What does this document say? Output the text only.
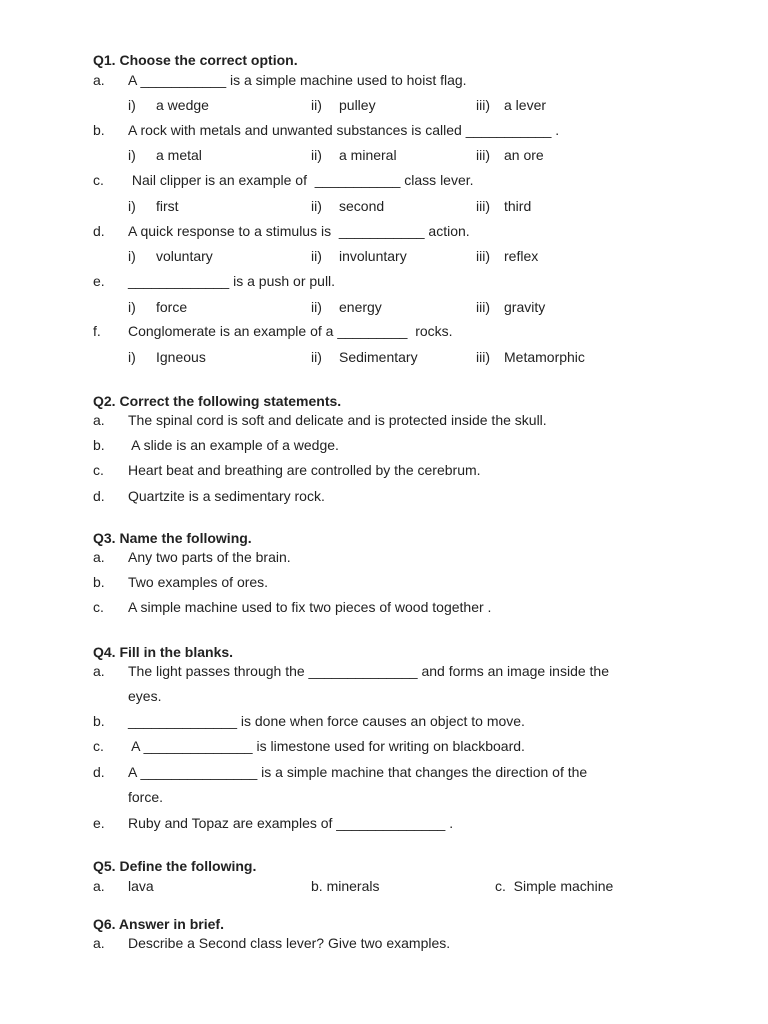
Q1. Choose the correct option.
a. A ___________ is a simple machine used to hoist flag.
i) a wedge	ii) pulley	iii) a lever
b. A rock with metals and unwanted substances is called ___________ .
i) a metal	ii) a mineral	iii) an ore
c. Nail clipper is an example of  ___________ class lever.
i) first	ii) second	iii) third
d. A quick response to a stimulus is  ___________ action.
i) voluntary	ii) involuntary	iii) reflex
e. _____________ is a push or pull.
i) force	ii) energy	iii) gravity
f. Conglomerate is an example of a _________  rocks.
i) Igneous	ii) Sedimentary	iii) Metamorphic
Q2. Correct the following statements.
a. The spinal cord is soft and delicate and is protected inside the skull.
b. A slide is an example of a wedge.
c. Heart beat and breathing are controlled by the cerebrum.
d. Quartzite is a sedimentary rock.
Q3. Name the following.
a. Any two parts of the brain.
b. Two examples of ores.
c. A simple machine used to fix two pieces of wood together .
Q4. Fill in the blanks.
a. The light passes through the ______________ and forms an image inside the
eyes.
b. ______________ is done when force causes an object to move.
c. A ______________ is limestone used for writing on blackboard.
d. A _______________ is a simple machine that changes the direction of the
force.
e. Ruby and Topaz are examples of ______________ .
Q5. Define the following.
a. lava	b. minerals	c.  Simple machine
Q6. Answer in brief.
a. Describe a Second class lever? Give two examples.
